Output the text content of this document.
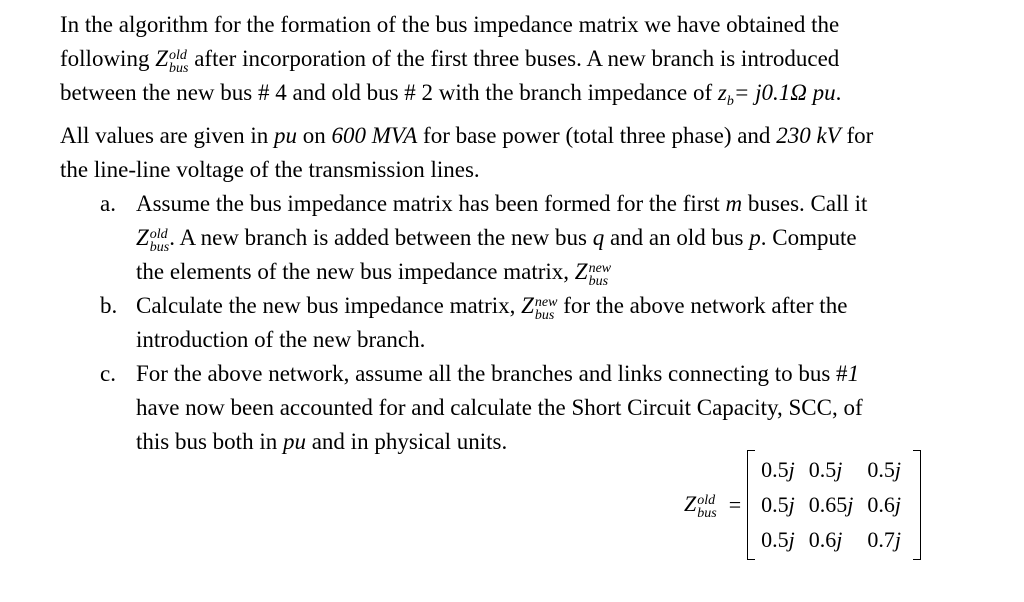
In the algorithm for the formation of the bus impedance matrix we have obtained the
following Z old
bus after incorporation of the first three buses. A new branch is introduced
between the new bus # 4 and old bus # 2 with the branch impedance of $z_b= j0.1\Omega$ pu.
All values are given in pu on 600 MVA for base power (total three phase) and 230 kV for
the line-line voltage of the transmission lines.

a. Assume the bus impedance matrix has been formed for the first m buses. Call it
Z old
bus . A new branch is added between the new bus q and an old bus p. Compute
the elements of the new bus impedance matrix, Z new
bus
b. Calculate the new bus impedance matrix, Z new
bus for the above network after the
introduction of the new branch.
c. For the above network, assume all the branches and links connecting to bus #1
have now been accounted for and calculate the Short Circuit Capacity, SCC, of
this bus both in pu and in physical units.
Z old
bus =
0.5j	0.5j	0.5j
0.5j	0.65j	0.6j
0.5j	0.6j	0.7j
